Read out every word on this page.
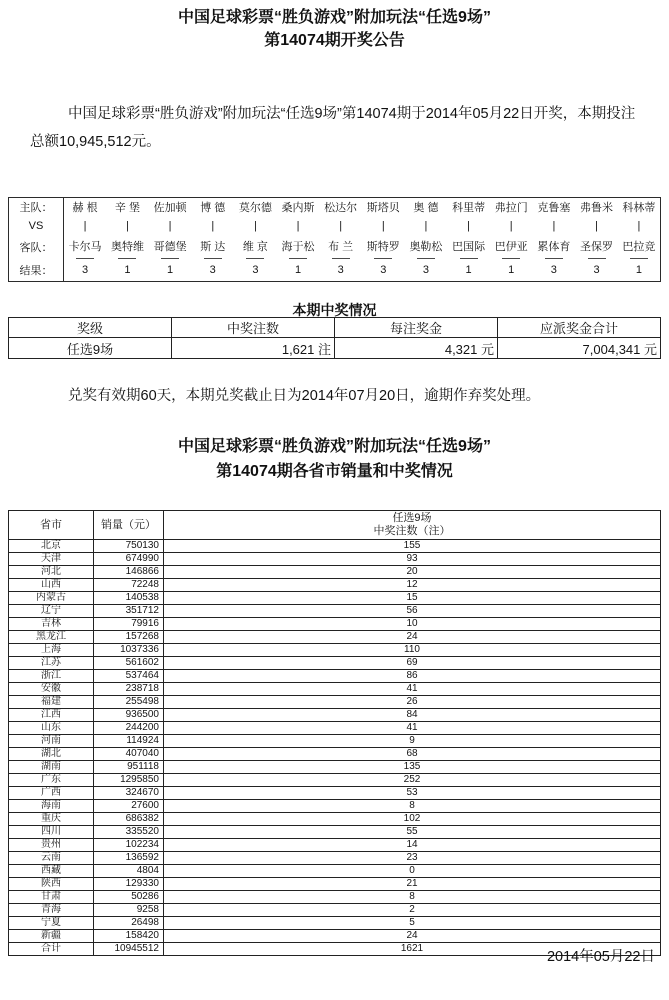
中国足球彩票“胜负游戏”附加玩法“任选9场”
第14074期开奖公告

中国足球彩票“胜负游戏”附加玩法“任选9场”第14074期于2014年05月22日开奖，本期投注总额10,945,512元。

主队：	赫 根	辛 堡	佐加顿	博 德	莫尔德	桑内斯	松达尔	斯塔贝	奥 德	科里蒂	弗拉门	克鲁塞	弗鲁米	科林蒂
VS	|	|	|	|	|	|	|	|	|	|	|	|	|	|
客队：	卡尔马	奥特维	哥德堡	斯 达	维 京	海于松	布 兰	斯特罗	奥勒松	巴国际	巴伊亚	累体育	圣保罗	巴拉竞

结果：	3	1	1	3	3	1	3	3	3	1	1	3	3	1
本期中奖情况
奖级	中奖注数	每注奖金	应派奖金合计
任选9场	1,621 注	4,321 元	7,004,341 元

兑奖有效期60天，本期兑奖截止日为2014年07月20日，逾期作弃奖处理。

中国足球彩票“胜负游戏”附加玩法“任选9场”
第14074期各省市销量和中奖情况
省市	销量（元）	任选9场
中奖注数（注）

北京	750130	155
天津	674990	93
河北	146866	20
山西	72248	12
内蒙古	140538	15
辽宁	351712	56
吉林	79916	10
黑龙江	157268	24
上海	1037336	110
江苏	561602	69
浙江	537464	86
安徽	238718	41
福建	255498	26
江西	936500	84
山东	244200	41
河南	114924	9
湖北	407040	68
湖南	951118	135
广东	1295850	252
广西	324670	53
海南	27600	8
重庆	686382	102
四川	335520	55
贵州	102234	14
云南	136592	23
西藏	4804	0
陕西	129330	21
甘肃	50286	8
青海	9258	2
宁夏	26498	5
新疆	158420	24
合计	10945512	1621
2014年05月22日
